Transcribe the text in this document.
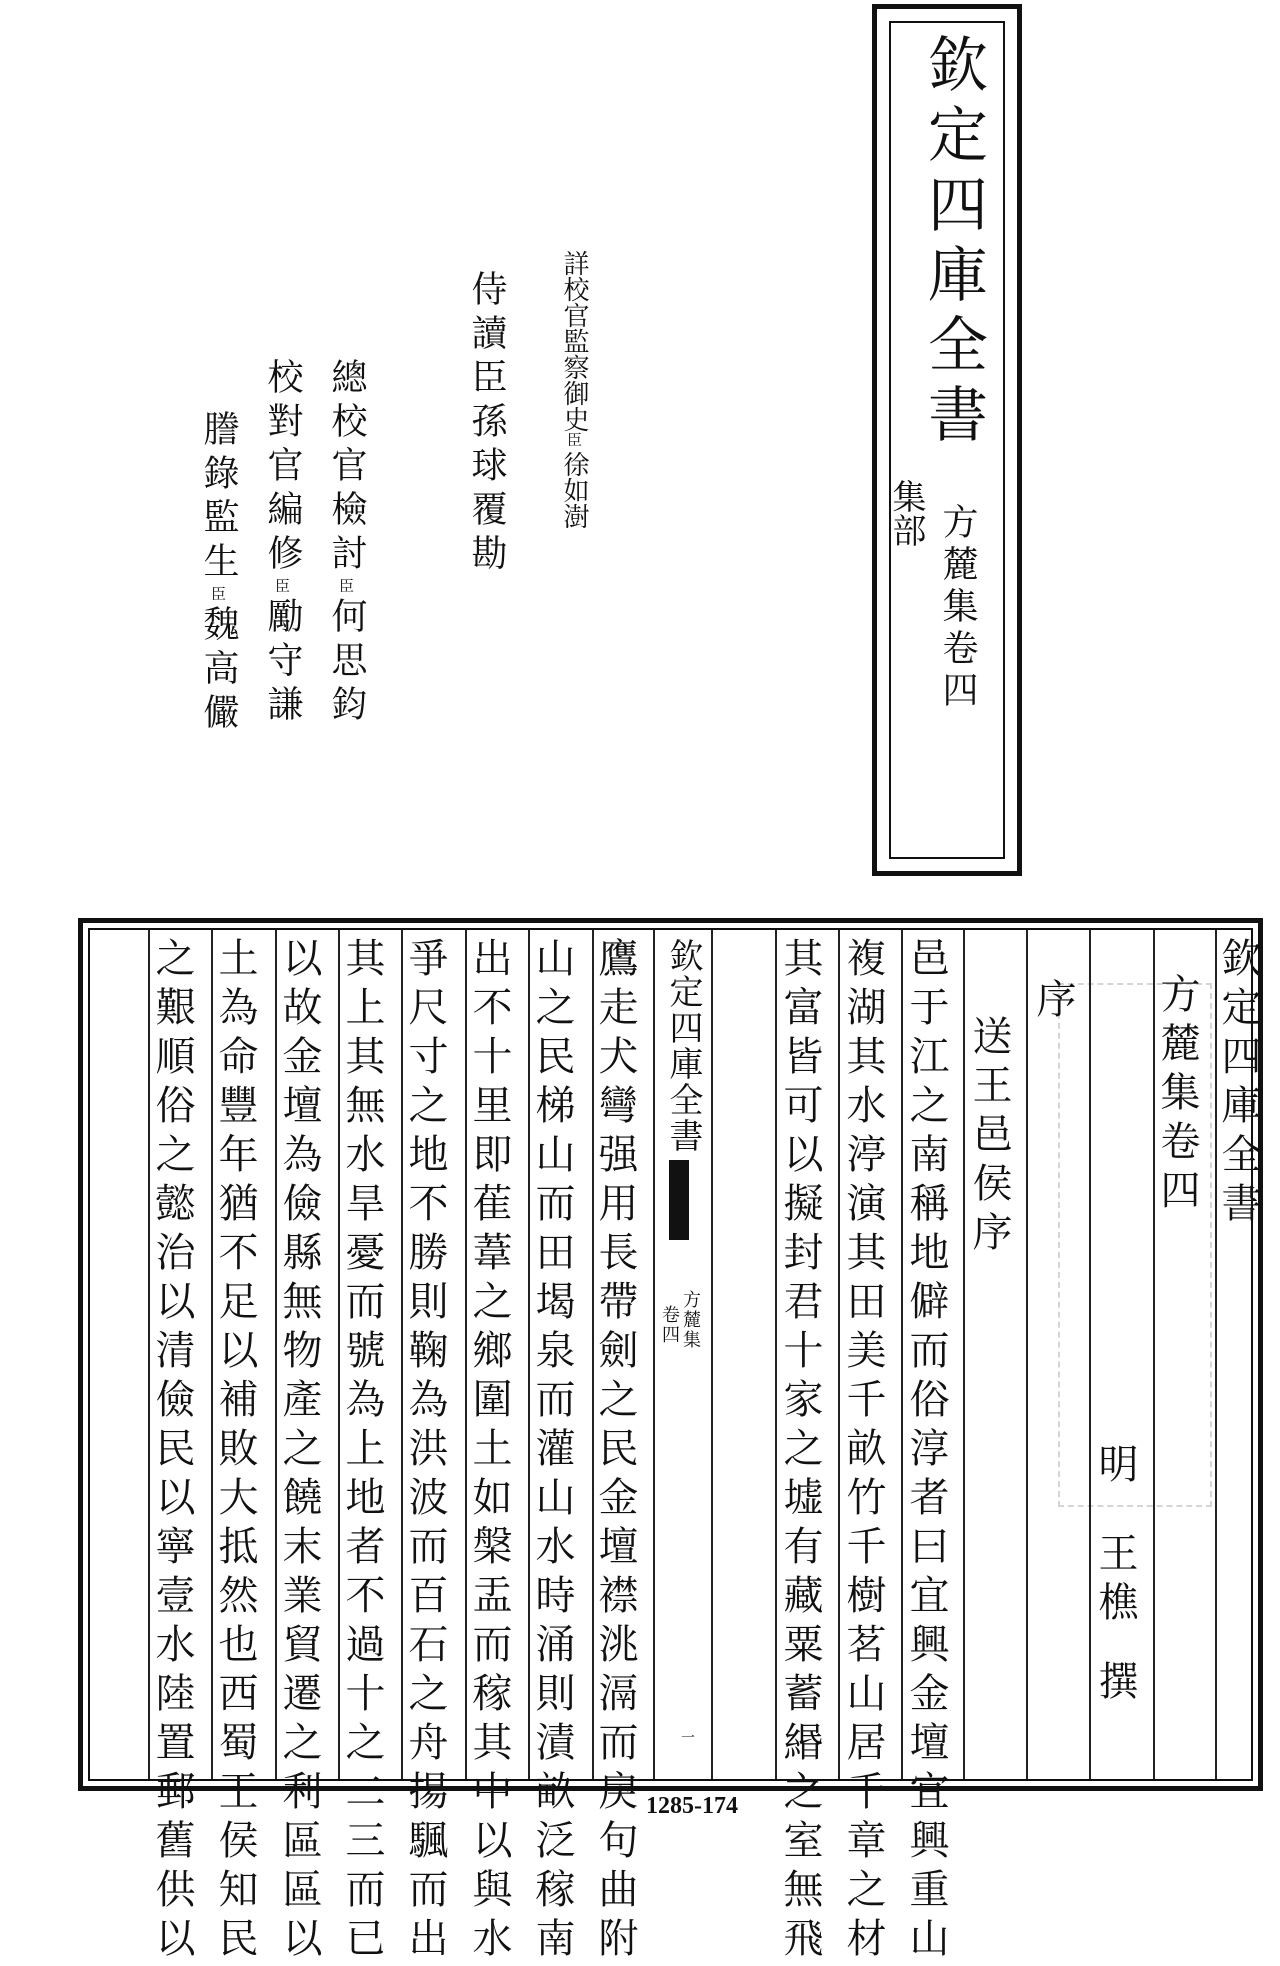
欽定四庫全書
方麓集卷四
集部
詳校官監察御史臣徐如澍
侍讀臣孫球覆勘
總校官檢討臣何思鈞
校對官編修臣勵守謙
謄錄監生臣魏高儼
欽定四庫全書
方麓集卷四
序
送王邑侯序
明王樵撰
邑于江之南稱地僻而俗淳者曰宜興金壇宜興重山
複湖其水渟演其田美千畝竹千樹茗山居千章之材
其富皆可以擬封君十家之墟有藏粟蓄緡之室無飛
欽定四庫全書
方麓集
卷四
一
鷹走犬彎强用長帶劍之民金壇襟洮滆而戾句曲附
山之民梯山而田堨泉而灌山水時涌則漬畝泛稼南
出不十里即萑葦之鄉圍土如槃盂而稼其中以與水
爭尺寸之地不勝則鞠為洪波而百石之舟揚颿而出
其上其無水旱憂而號為上地者不過十之二三而已
以故金壇為儉縣無物產之饒末業貿遷之利區區以
土為命豐年猶不足以補敗大抵然也西蜀王侯知民
之艱順俗之懿治以清儉民以寧壹水陸置郵舊供以	1285-174
